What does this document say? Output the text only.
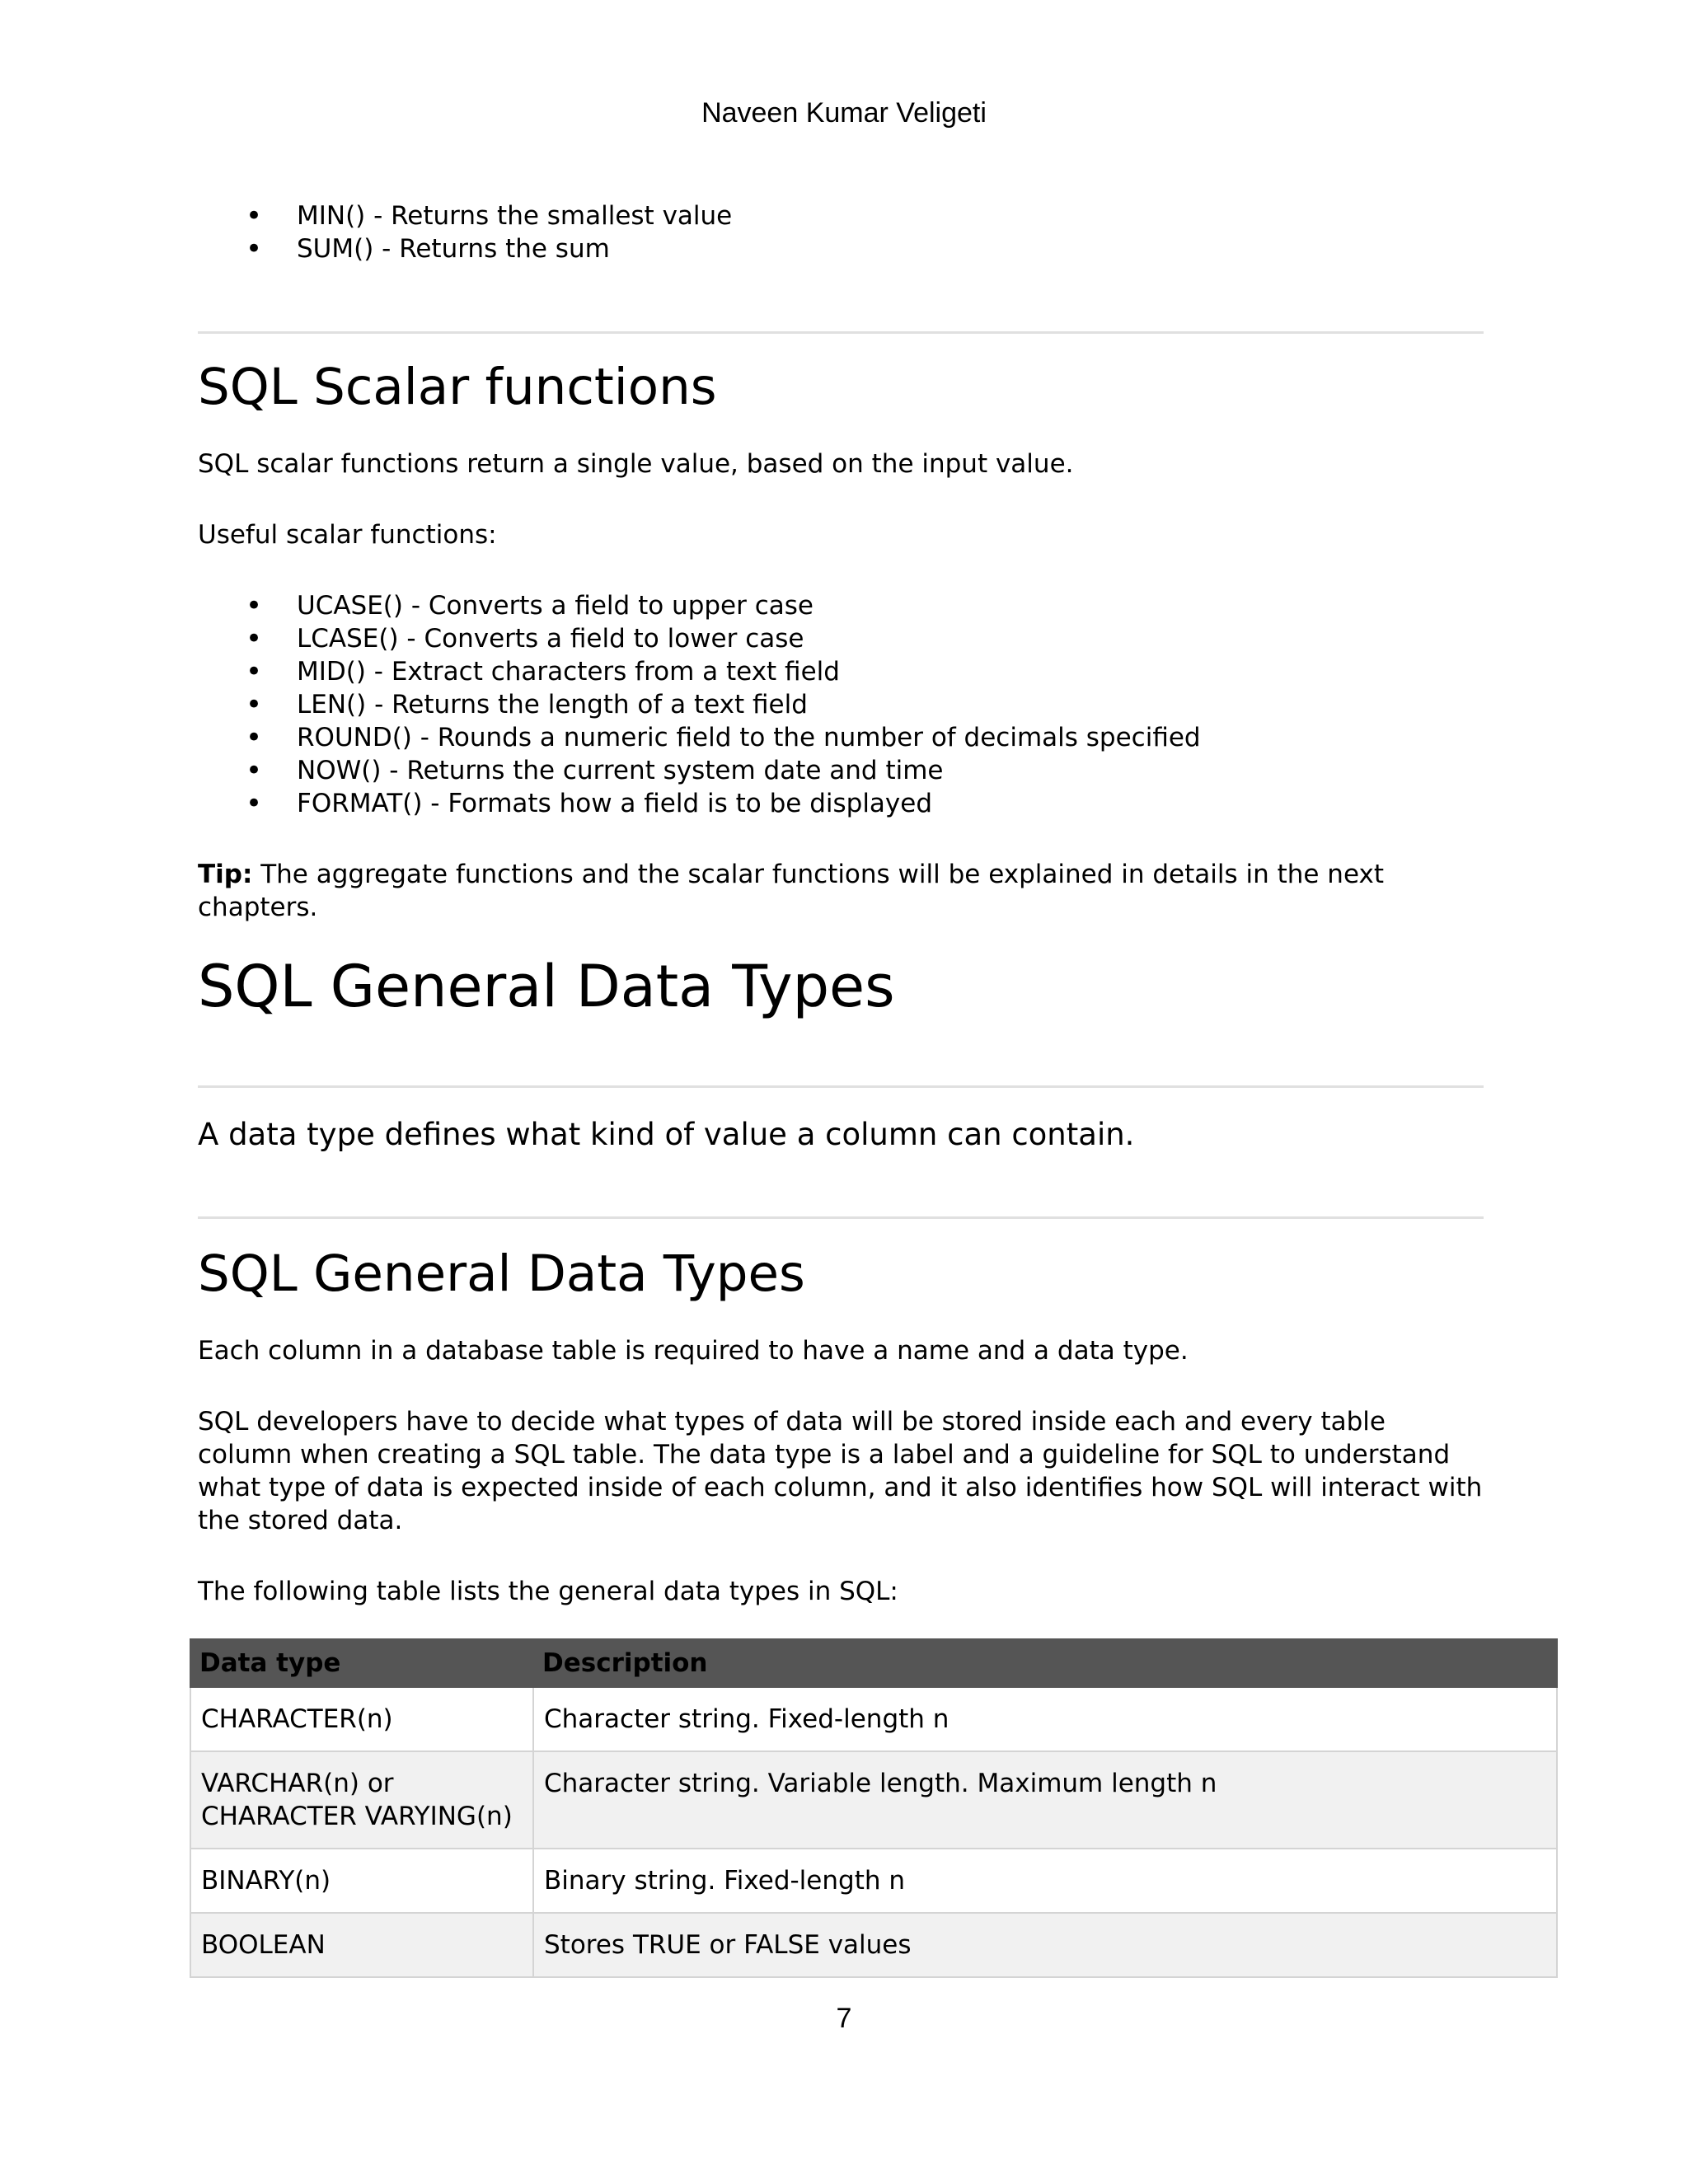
Naveen Kumar Veligeti
• MIN() - Returns the smallest value
• SUM() - Returns the sum
SQL Scalar functions

SQL scalar functions return a single value, based on the input value.

Useful scalar functions:

• UCASE() - Converts a field to upper case
• LCASE() - Converts a field to lower case
• MID() - Extract characters from a text field
• LEN() - Returns the length of a text field
• ROUND() - Rounds a numeric field to the number of decimals specified
• NOW() - Returns the current system date and time
• FORMAT() - Formats how a field is to be displayed

Tip: The aggregate functions and the scalar functions will be explained in details in the next chapters.

SQL General Data Types

A data type defines what kind of value a column can contain.

SQL General Data Types

Each column in a database table is required to have a name and a data type.

SQL developers have to decide what types of data will be stored inside each and every table column when creating a SQL table. The data type is a label and a guideline for SQL to understand what type of data is expected inside of each column, and it also identifies how SQL will interact with the stored data.

The following table lists the general data types in SQL:

Data type	Description
CHARACTER(n)	Character string. Fixed-length n

VARCHAR(n) or
CHARACTER VARYING(n)	Character string. Variable length. Maximum length n
BINARY(n)	Binary string. Fixed-length n
BOOLEAN	Stores TRUE or FALSE values
7
